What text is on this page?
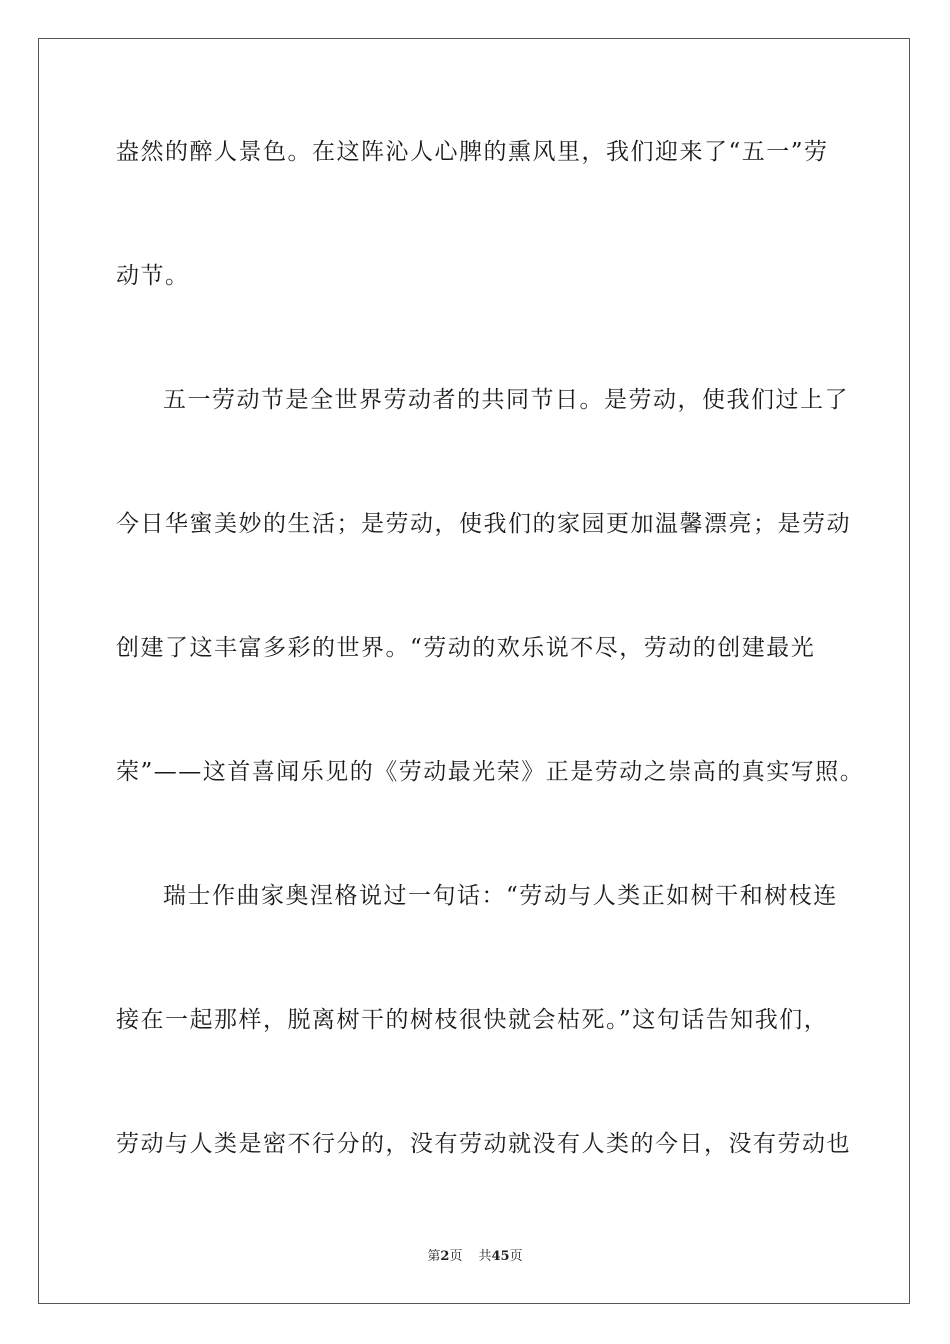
盎然的醉人景色。在这阵沁人心脾的熏风里，我们迎来了“五一”劳
动节。
五一劳动节是全世界劳动者的共同节日。是劳动，使我们过上了
今日华蜜美妙的生活；是劳动，使我们的家园更加温馨漂亮；是劳动
创建了这丰富多彩的世界。“劳动的欢乐说不尽，劳动的创建最光
荣”——这首喜闻乐见的《劳动最光荣》正是劳动之崇高的真实写照。
瑞士作曲家奥涅格说过一句话：“劳动与人类正如树干和树枝连
接在一起那样，脱离树干的树枝很快就会枯死。”这句话告知我们，
劳动与人类是密不行分的，没有劳动就没有人类的今日，没有劳动也
第2页 共45页
